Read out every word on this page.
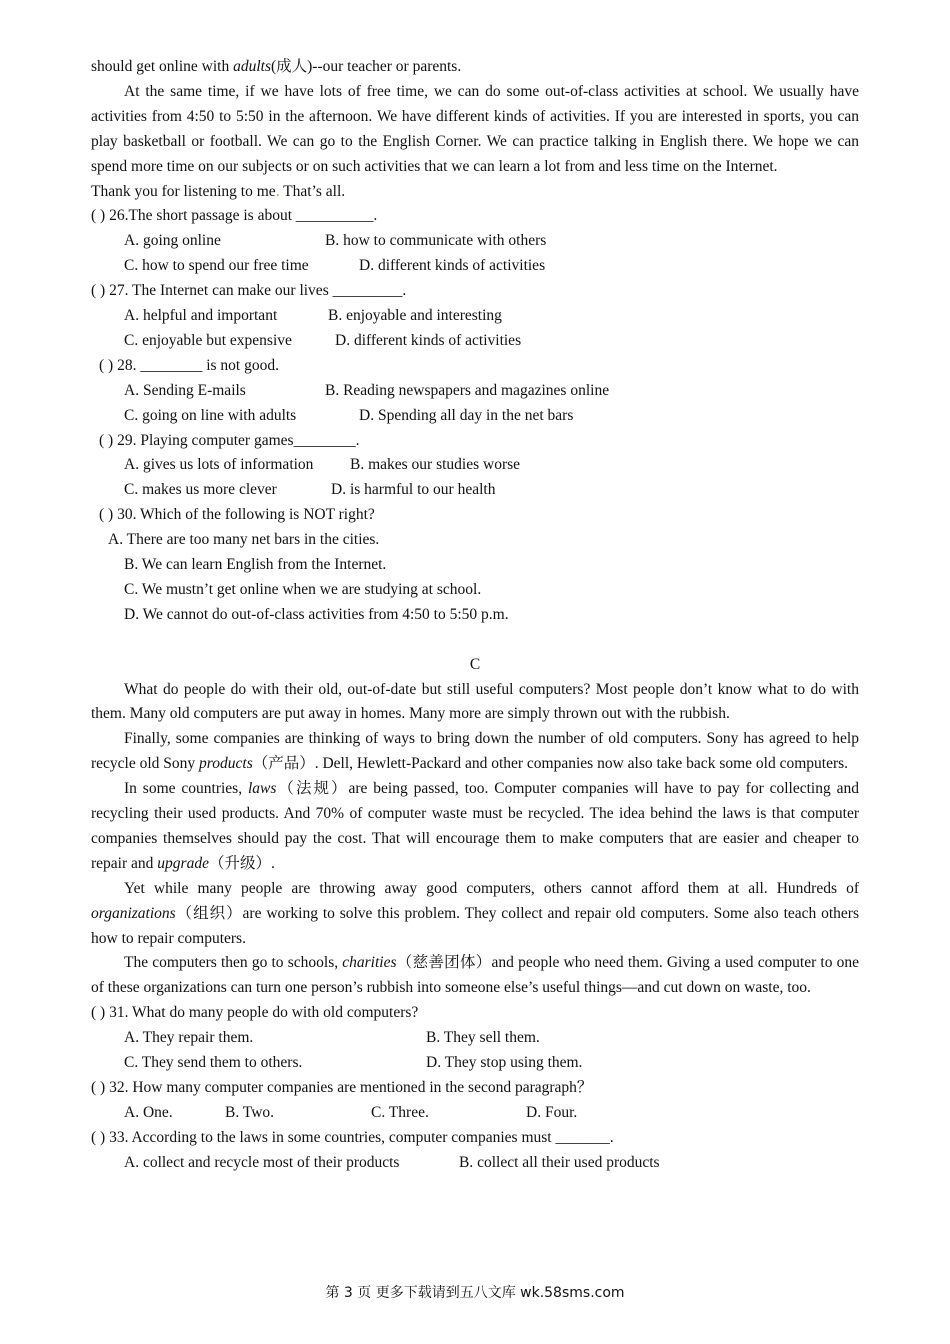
should get online with adults(成人)--our teacher or parents.

At the same time, if we have lots of free time, we can do some out-of-class activities at school. We usually have activities from 4:50 to 5:50 in the afternoon. We have different kinds of activities. If you are interested in sports, you can play basketball or football. We can go to the English Corner. We can practice talking in English there. We hope we can spend more time on our subjects or on such activities that we can learn a lot from and less time on the Internet.

Thank you for listening to me. That’s all.

( ) 26.The short passage is about __________.

A. going online	B. how to communicate with others
C. how to spend our free time	D. different kinds of activities

( ) 27. The Internet can make our lives _________.

A. helpful and important	B. enjoyable and interesting
C. enjoyable but expensive	D. different kinds of activities

( ) 28. ________ is not good.

A. Sending E-mails	B. Reading newspapers and magazines online
C. going on line with adults	D. Spending all day in the net bars

( ) 29. Playing computer games________.

A. gives us lots of information B. makes our studies worse
C. makes us more clever	D. is harmful to our health

( ) 30. Which of the following is NOT right?

A. There are too many net bars in the cities.

B. We can learn English from the Internet.

C. We mustn’t get online when we are studying at school.

D. We cannot do out-of-class activities from 4:50 to 5:50 p.m.

C

What do people do with their old, out-of-date but still useful computers? Most people don’t know what to do with them. Many old computers are put away in homes. Many more are simply thrown out with the rubbish.

Finally, some companies are thinking of ways to bring down the number of old computers. Sony has agreed to help recycle old Sony products（产品）. Dell, Hewlett-Packard and other companies now also take back some old computers.

In some countries, laws（法规）are being passed, too. Computer companies will have to pay for collecting and recycling their used products. And 70% of computer waste must be recycled. The idea behind the laws is that computer companies themselves should pay the cost. That will encourage them to make computers that are easier and cheaper to repair and upgrade（升级）.

Yet while many people are throwing away good computers, others cannot afford them at all. Hundreds of organizations（组织）are working to solve this problem. They collect and repair old computers. Some also teach others how to repair computers.

The computers then go to schools, charities（慈善团体）and people who need them. Giving a used computer to one of these organizations can turn one person’s rubbish into someone else’s useful things—and cut down on waste, too.

( ) 31. What do many people do with old computers?

A. They repair them.	B. They sell them.
C. They send them to others.	D. They stop using them.

( ) 32. How many computer companies are mentioned in the second paragraph？

A. One.	B. Two.	C. Three.	D. Four.

( ) 33. According to the laws in some countries, computer companies must _______.

A. collect and recycle most of their products	B. collect all their used products
第 3 页 更多下载请到五八文库 wk.58sms.com
